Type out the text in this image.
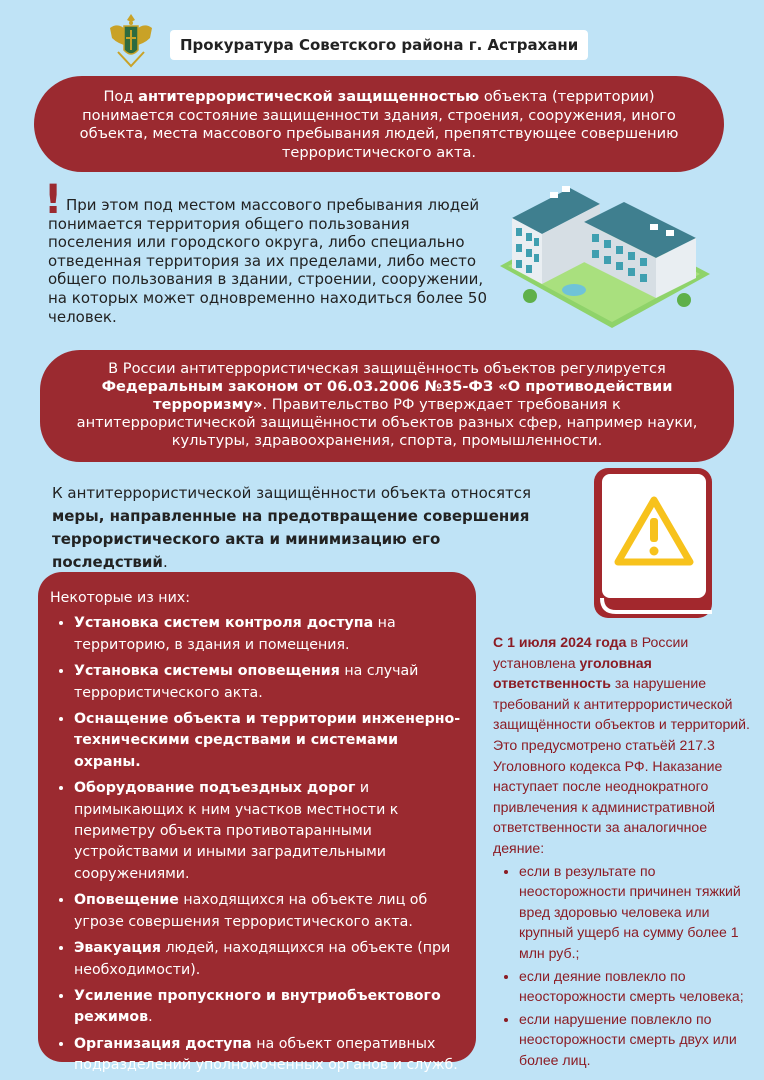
Прокуратура Советского района г. Астрахани
Под антитеррористической защищенностью объекта (территории) понимается состояние защищенности здания, строения, сооружения, иного объекта, места массового пребывания людей, препятствующее совершению террористического акта.
! При этом под местом массового пребывания людей понимается территория общего пользования поселения или городского округа, либо специально отведенная территория за их пределами, либо место общего пользования в здании, строении, сооружении, на которых может одновременно находиться более 50 человек.
В России антитеррористическая защищённость объектов регулируется Федеральным законом от 06.03.2006 №35-ФЗ «О противодействии терроризму». Правительство РФ утверждает требования к антитеррористической защищённости объектов разных сфер, например науки, культуры, здравоохранения, спорта, промышленности.
К антитеррористической защищённости объекта относятся меры, направленные на предотвращение совершения террористического акта и минимизацию его последствий.
Некоторые из них:
• Установка систем контроля доступа на территорию, в здания и помещения.
• Установка системы оповещения на случай террористического акта.
• Оснащение объекта и территории инженерно-техническими средствами и системами охраны.
• Оборудование подъездных дорог и примыкающих к ним участков местности к периметру объекта противотаранными устройствами и иными заградительными сооружениями.
• Оповещение находящихся на объекте лиц об угрозе совершения террористического акта.
• Эвакуация людей, находящихся на объекте (при необходимости).
• Усиление пропускного и внутриобъектового режимов.
• Организация доступа на объект оперативных подразделений уполномоченных органов и служб.
С 1 июля 2024 года в России установлена уголовная ответственность за нарушение требований к антитеррористической защищённости объектов и территорий. Это предусмотрено статьёй 217.3 Уголовного кодекса РФ. Наказание наступает после неоднократного привлечения к административной ответственности за аналогичное деяние:
• если в результате по неосторожности причинен тяжкий вред здоровью человека или крупный ущерб на сумму более 1 млн руб.;
• если деяние повлекло по неосторожности смерть человека;
• если нарушение повлекло по неосторожности смерть двух или более лиц.
